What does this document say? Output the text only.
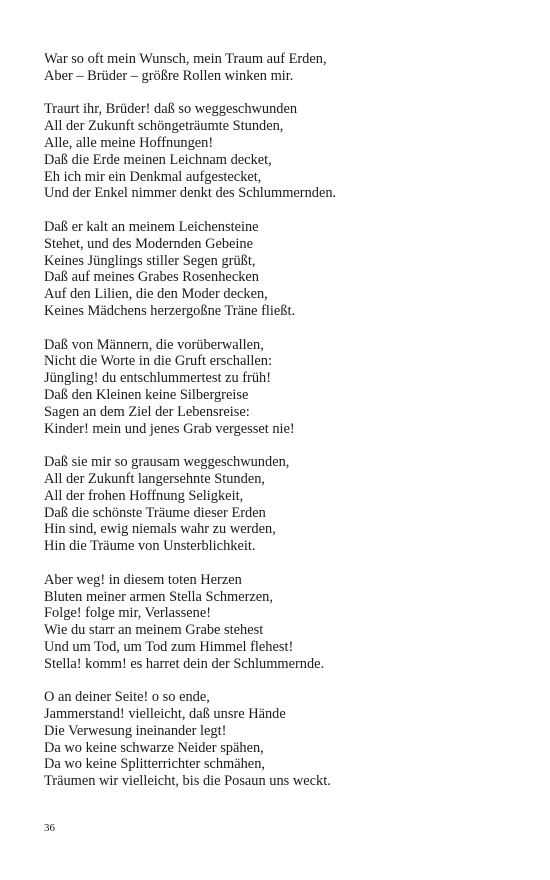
War so oft mein Wunsch, mein Traum auf Erden,
Aber – Brüder – größre Rollen winken mir.
Traurt ihr, Brüder! daß so weggeschwunden
All der Zukunft schöngeträumte Stunden,
Alle, alle meine Hoffnungen!
Daß die Erde meinen Leichnam decket,
Eh ich mir ein Denkmal aufgestecket,
Und der Enkel nimmer denkt des Schlummernden.
Daß er kalt an meinem Leichensteine
Stehet, und des Modernden Gebeine
Keines Jünglings stiller Segen grüßt,
Daß auf meines Grabes Rosenhecken
Auf den Lilien, die den Moder decken,
Keines Mädchens herzergoßne Träne fließt.
Daß von Männern, die vorüberwallen,
Nicht die Worte in die Gruft erschallen:
Jüngling! du entschlummertest zu früh!
Daß den Kleinen keine Silbergreise
Sagen an dem Ziel der Lebensreise:
Kinder! mein und jenes Grab vergesset nie!
Daß sie mir so grausam weggeschwunden,
All der Zukunft langersehnte Stunden,
All der frohen Hoffnung Seligkeit,
Daß die schönste Träume dieser Erden
Hin sind, ewig niemals wahr zu werden,
Hin die Träume von Unsterblichkeit.
Aber weg! in diesem toten Herzen
Bluten meiner armen Stella Schmerzen,
Folge! folge mir, Verlassene!
Wie du starr an meinem Grabe stehest
Und um Tod, um Tod zum Himmel flehest!
Stella! komm! es harret dein der Schlummernde.
O an deiner Seite! o so ende,
Jammerstand! vielleicht, daß unsre Hände
Die Verwesung ineinander legt!
Da wo keine schwarze Neider spähen,
Da wo keine Splitterrichter schmähen,
Träumen wir vielleicht, bis die Posaun uns weckt.
36
